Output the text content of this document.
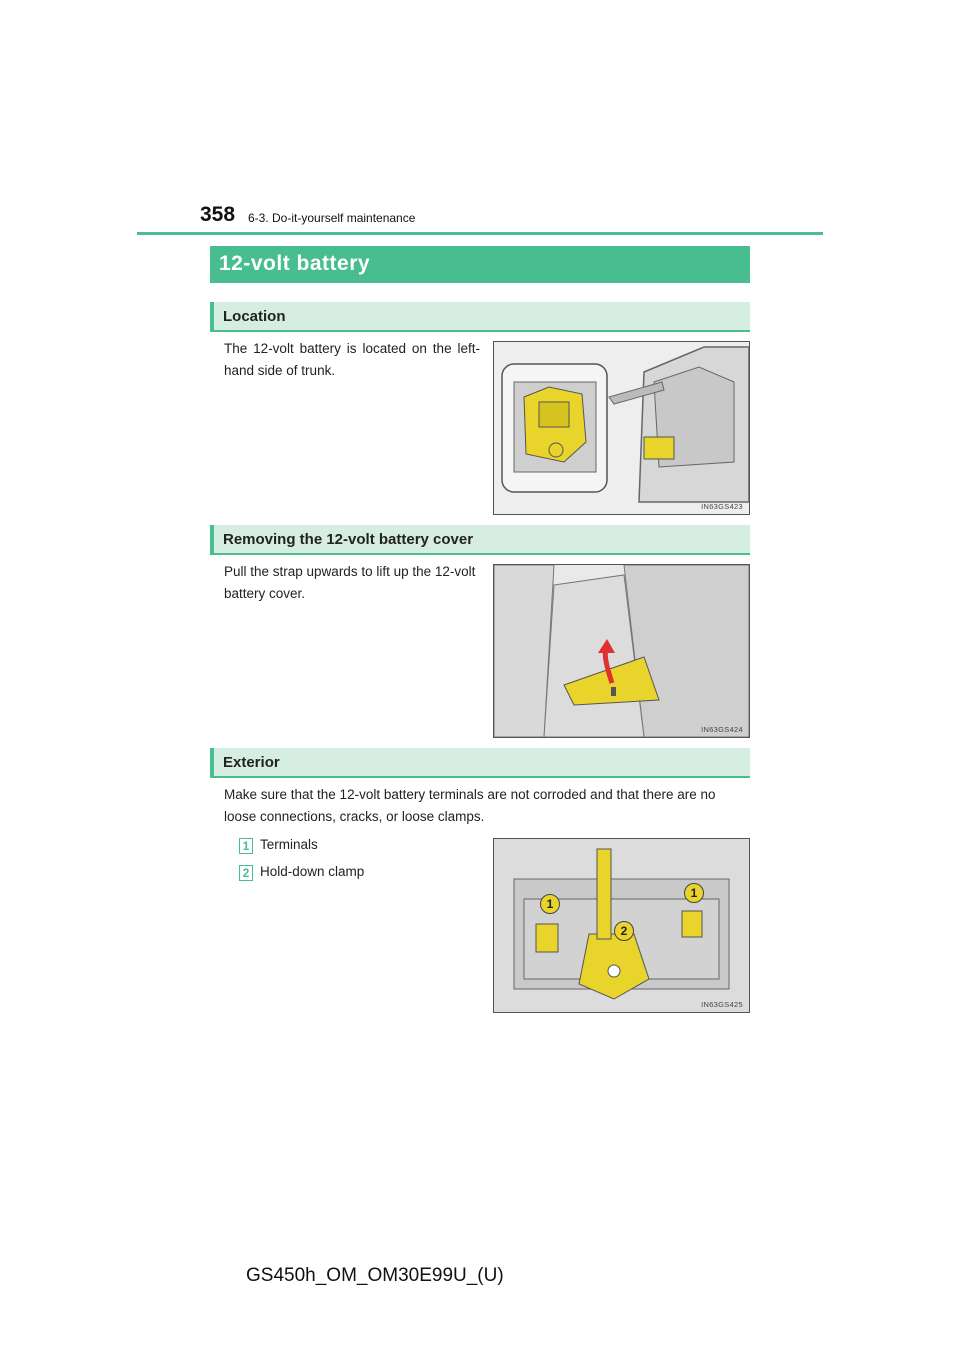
358 6-3. Do-it-yourself maintenance
12-volt battery
Location
The 12-volt battery is located on the left-hand side of trunk.
IN63GS423
Removing the 12-volt battery cover
Pull the strap upwards to lift up the 12-volt battery cover.
IN63GS424
Exterior
Make sure that the 12-volt battery terminals are not corroded and that there are no loose connections, cracks, or loose clamps.
1 Terminals
2 Hold-down clamp
1
1
2
IN63GS425
GS450h_OM_OM30E99U_(U)
